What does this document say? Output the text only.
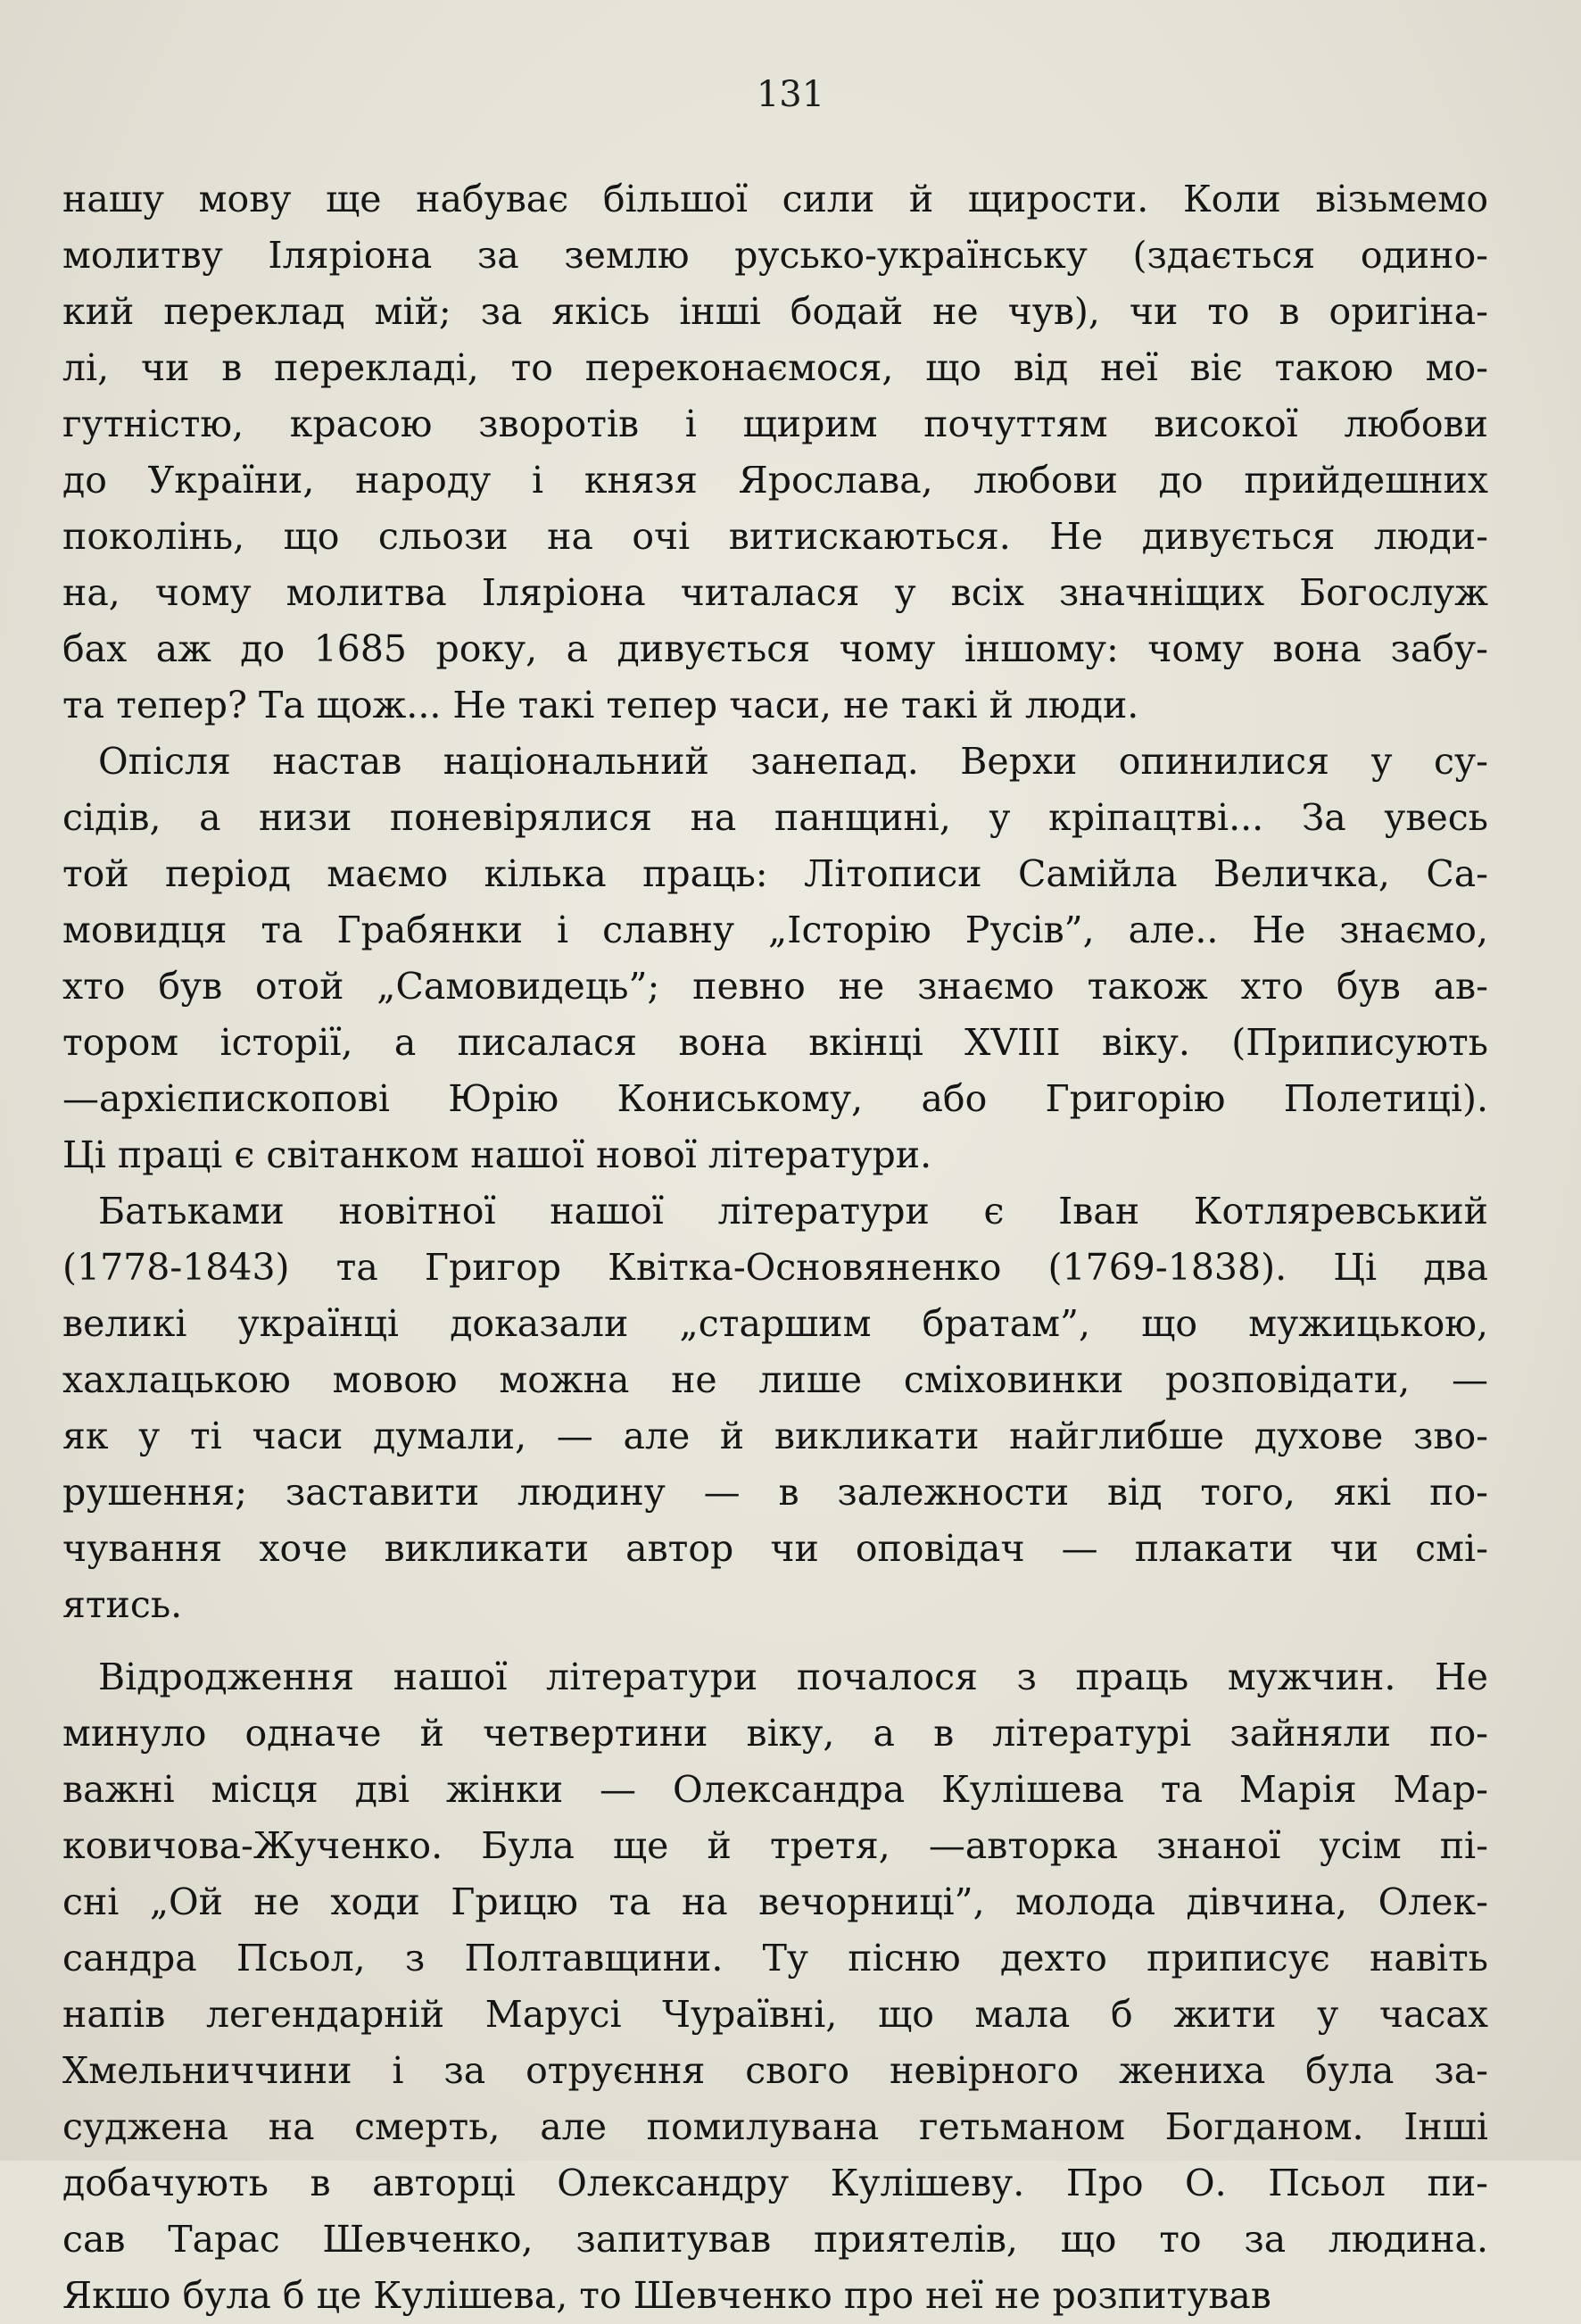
131
нашу мову ще набуває більшої сили й щирости. Коли візьмемо
молитву Іляріона за землю русько-українську (здається одино-
кий переклад мій; за якісь інші бодай не чув), чи то в оригіна-
лі, чи в перекладі, то переконаємося, що від неї віє такою мо-
гутністю, красою зворотів і щирим почуттям високої любови
до України, народу і князя Ярослава, любови до прийдешних
поколінь, що сльози на очі витискаються. Не дивується люди-
на, чому молитва Іляріона читалася у всіх значніщих Богослуж
бах аж до 1685 року, а дивується чому іншому: чому вона забу-
та тепер? Та щож... Не такі тепер часи, не такі й люди.
Опісля настав національний занепад. Верхи опинилися у су-
сідів, а низи поневірялися на панщині, у кріпацтві... За увесь
той період маємо кілька праць: Літописи Самійла Величка, Са-
мовидця та Грабянки і славну „Історію Русів”, але.. Не знаємо,
хто був отой „Самовидець”; певно не знаємо також хто був ав-
тором історії, а писалася вона вкінці XVIII віку. (Приписують
—архієпископові Юрію Кониському, або Григорію Полетиці).
Ці праці є світанком нашої нової літератури.
Батьками новітної нашої літератури є Іван Котляревський
(1778-1843) та Григор Квітка-Основяненко (1769-1838). Ці два
великі українці доказали „старшим братам”, що мужицькою,
хахлацькою мовою можна не лише сміховинки розповідати, —
як у ті часи думали, — але й викликати найглибше духове зво-
рушення; заставити людину — в залежности від того, які по-
чування хоче викликати автор чи оповідач — плакати чи смі-
ятись.
Відродження нашої літератури почалося з праць мужчин. Не
минуло одначе й четвертини віку, а в літературі зайняли по-
важні місця дві жінки — Олександра Кулішева та Марія Мар-
ковичова-Жученко. Була ще й третя, —авторка знаної усім пі-
сні „Ой не ходи Грицю та на вечорниці”, молода дівчина, Олек-
сандра Псьол, з Полтавщини. Ту пісню дехто приписує навіть
напів легендарній Марусі Чураївні, що мала б жити у часах
Хмельниччини і за отруєння свого невірного жениха була за-
суджена на смерть, але помилувана гетьманом Богданом. Інші
добачують в авторці Олександру Кулішеву. Про О. Псьол пи-
сав Тарас Шевченко, запитував приятелів, що то за людина.
Якшо була б це Кулішева, то Шевченко про неї не розпитував
